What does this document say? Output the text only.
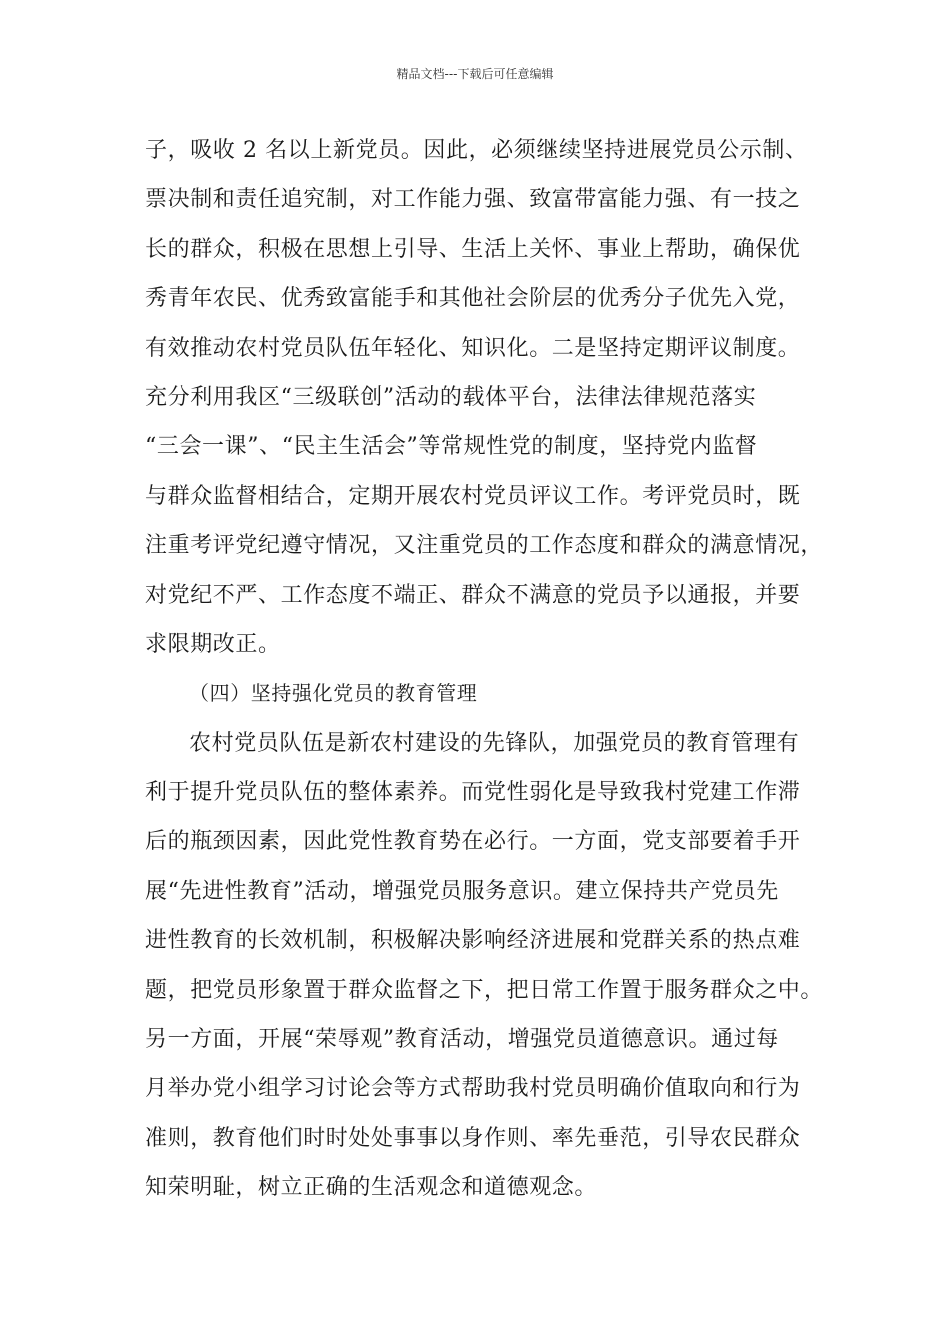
精品文档---下载后可任意编辑
子，吸收 2 名以上新党员。因此，必须继续坚持进展党员公示制、
票决制和责任追究制，对工作能力强、致富带富能力强、有一技之
长的群众，积极在思想上引导、生活上关怀、事业上帮助，确保优
秀青年农民、优秀致富能手和其他社会阶层的优秀分子优先入党，
有效推动农村党员队伍年轻化、知识化。二是坚持定期评议制度。
充分利用我区“三级联创”活动的载体平台，法律法律规范落实
“三会一课”、“民主生活会”等常规性党的制度，坚持党内监督
与群众监督相结合，定期开展农村党员评议工作。考评党员时，既
注重考评党纪遵守情况，又注重党员的工作态度和群众的满意情况，
对党纪不严、工作态度不端正、群众不满意的党员予以通报，并要
求限期改正。
（四）坚持强化党员的教育管理
农村党员队伍是新农村建设的先锋队，加强党员的教育管理有
利于提升党员队伍的整体素养。而党性弱化是导致我村党建工作滞
后的瓶颈因素，因此党性教育势在必行。一方面，党支部要着手开
展“先进性教育”活动，增强党员服务意识。建立保持共产党员先
进性教育的长效机制，积极解决影响经济进展和党群关系的热点难
题，把党员形象置于群众监督之下，把日常工作置于服务群众之中。
另一方面，开展“荣辱观”教育活动，增强党员道德意识。通过每
月举办党小组学习讨论会等方式帮助我村党员明确价值取向和行为
准则，教育他们时时处处事事以身作则、率先垂范，引导农民群众
知荣明耻，树立正确的生活观念和道德观念。
